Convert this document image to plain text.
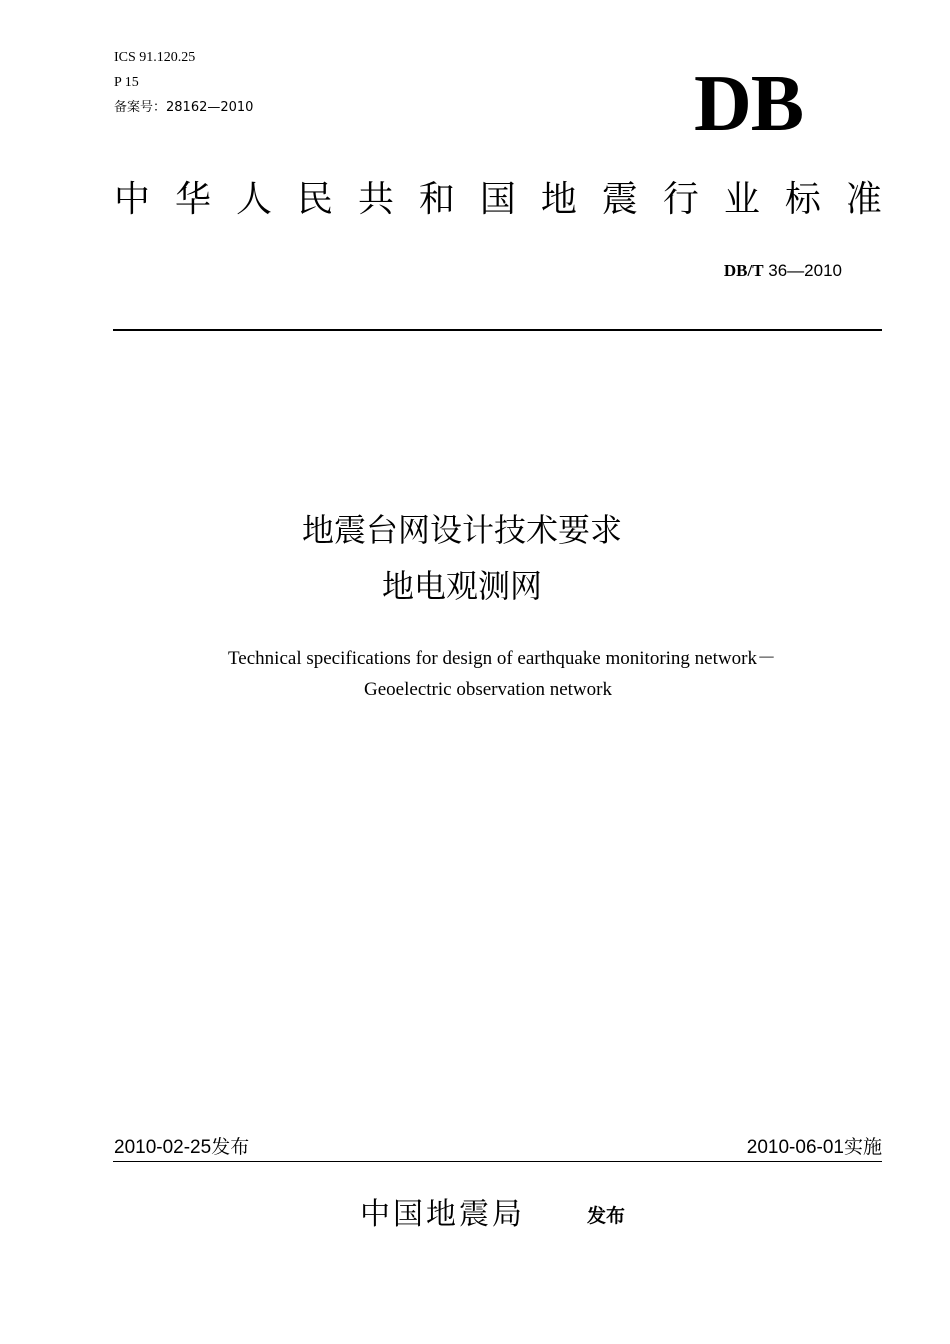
ICS 91.120.25
P 15
备案号：28162—2010	DB
中 华 人 民 共 和 国 地 震 行 业 标 准
DB/T 36—2010
地震台网设计技术要求
地电观测网
Technical specifications for design of earthquake monitoring network－
Geoelectric observation network
2010-02-25发布	2010-06-01实施
中国地震局	发布
